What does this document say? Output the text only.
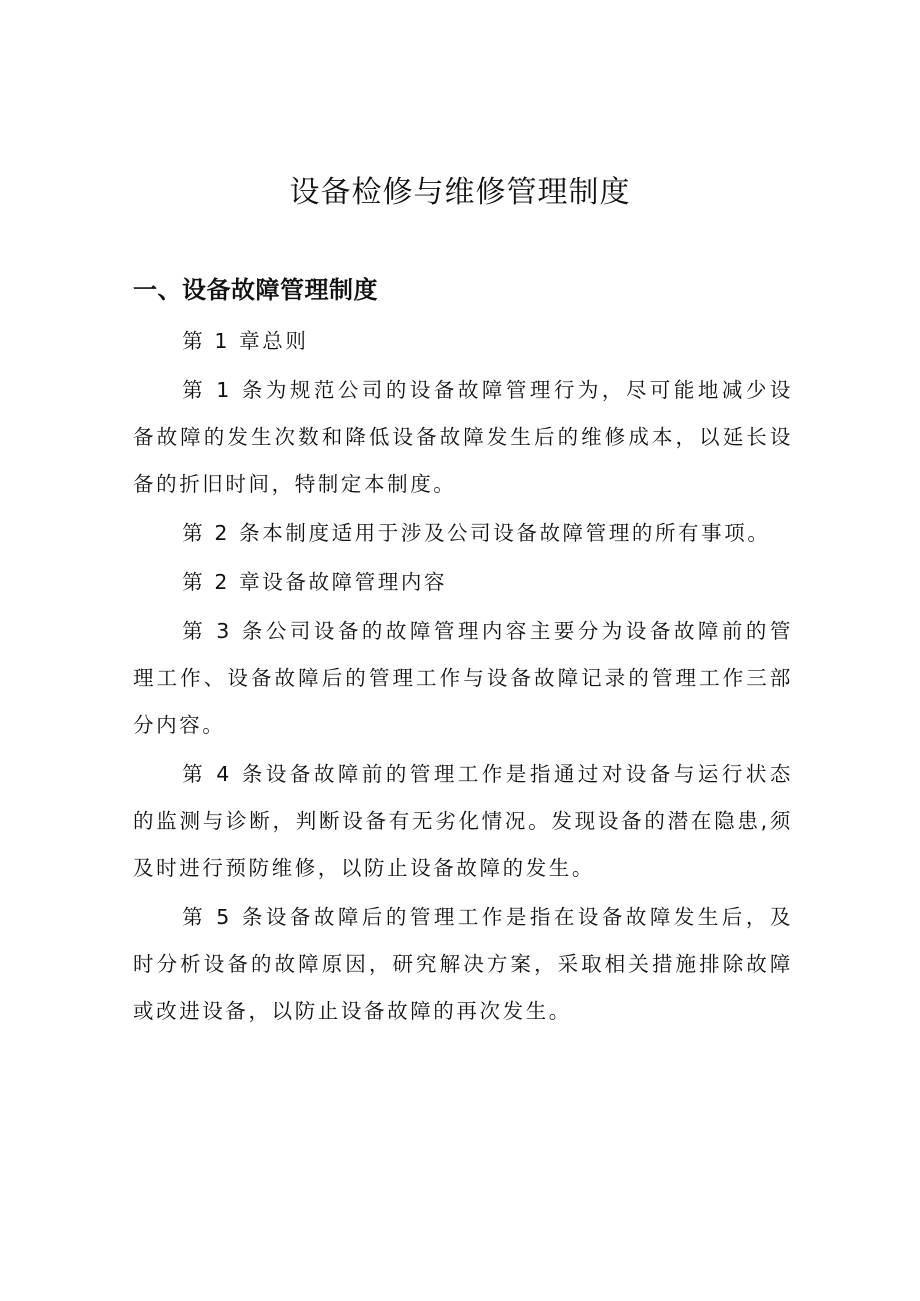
设备检修与维修管理制度
一、设备故障管理制度

第 1 章总则

第 1 条为规范公司的设备故障管理行为，尽可能地减少设备故障的发生次数和降低设备故障发生后的维修成本，以延长设备的折旧时间，特制定本制度。

第 2 条本制度适用于涉及公司设备故障管理的所有事项。

第 2 章设备故障管理内容

第 3 条公司设备的故障管理内容主要分为设备故障前的管理工作、设备故障后的管理工作与设备故障记录的管理工作三部分内容。

第 4 条设备故障前的管理工作是指通过对设备与运行状态的监测与诊断，判断设备有无劣化情况。发现设备的潜在隐患,须及时进行预防维修，以防止设备故障的发生。

第 5 条设备故障后的管理工作是指在设备故障发生后，及时分析设备的故障原因，研究解决方案，采取相关措施排除故障或改进设备，以防止设备故障的再次发生。
